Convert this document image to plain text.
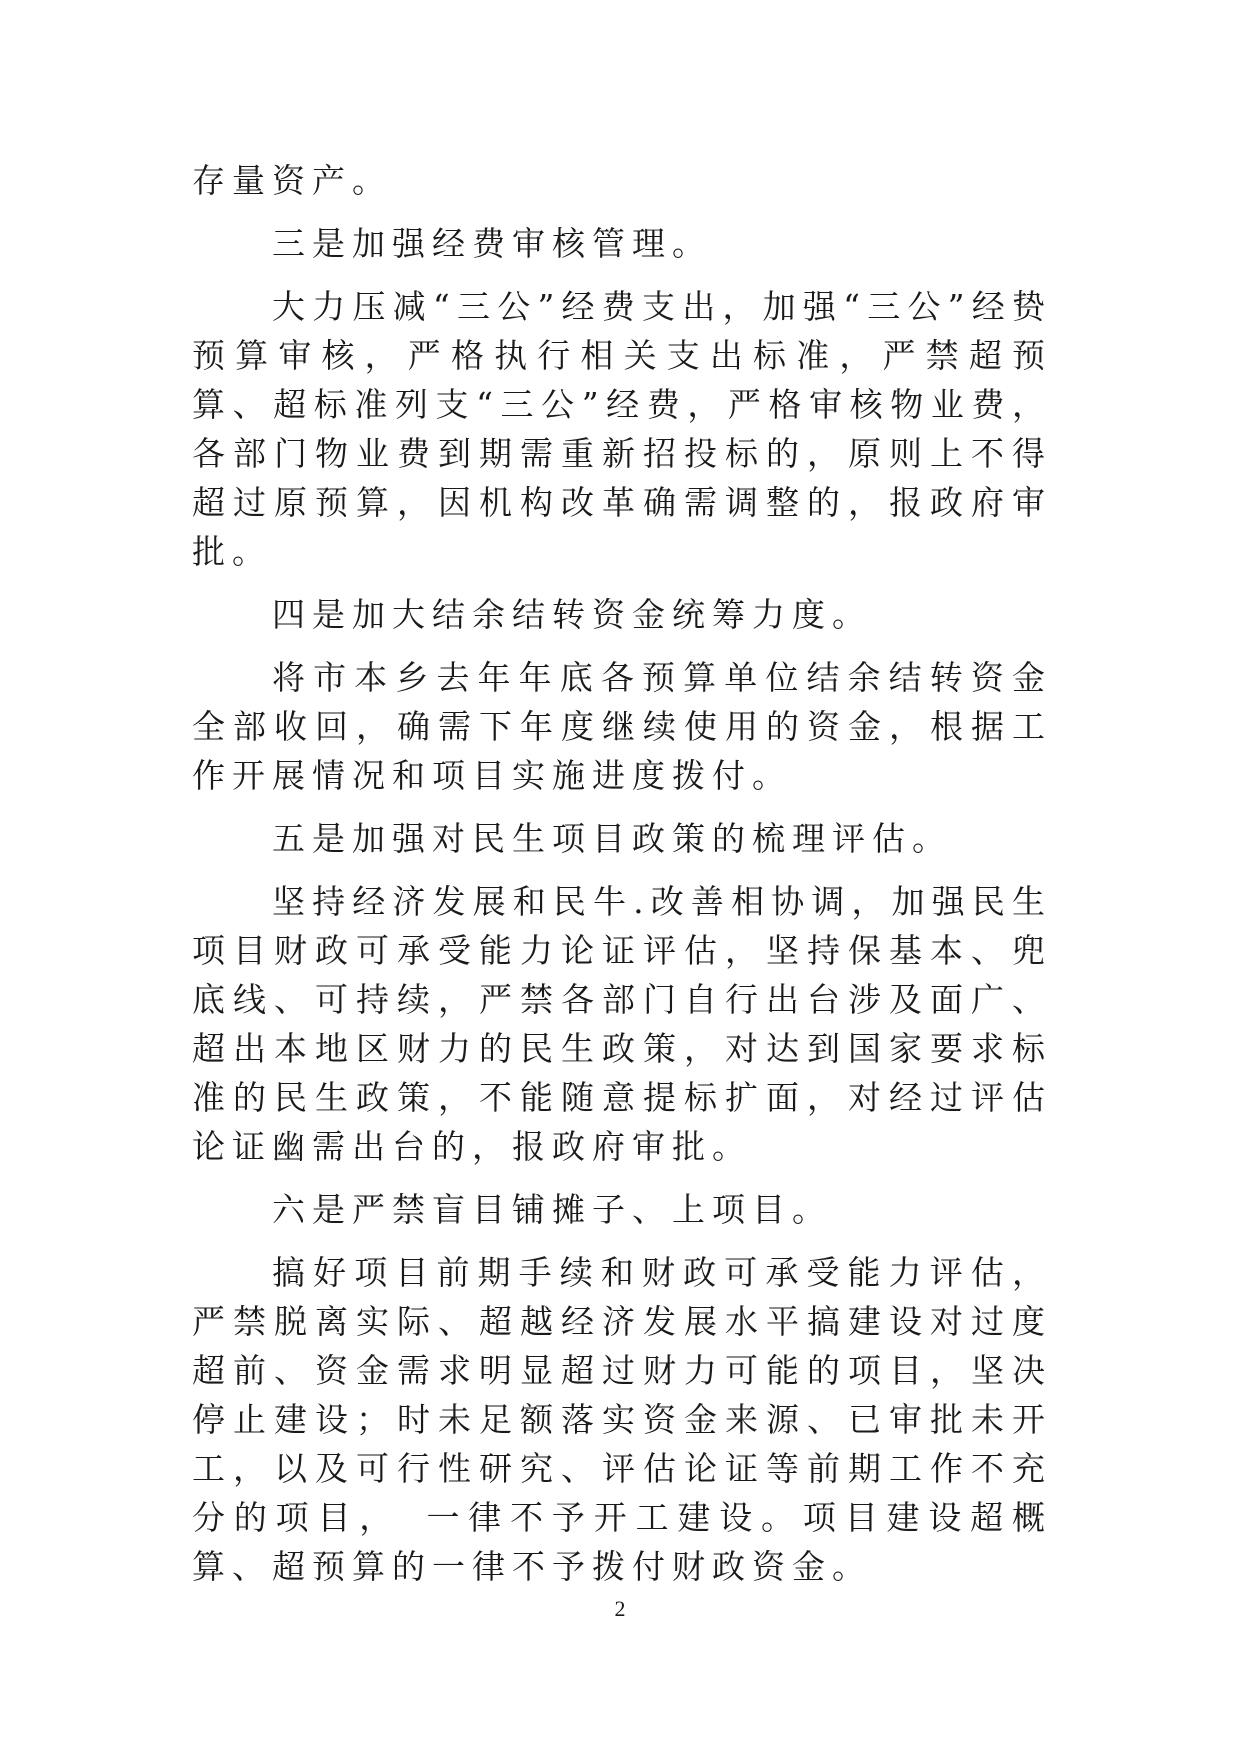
存量资产。

三是加强经费审核管理。

大力压减“三公”经费支出，加强“三公”经贽预算审核，严格执行相关支出标准，严禁超预算、超标准列支“三公”经费，严格审核物业费，各部门物业费到期需重新招投标的，原则上不得超过原预算，因机构改革确需调整的，报政府审批。

四是加大结余结转资金统筹力度。

将市本乡去年年底各预算单位结余结转资金全部收回，确需下年度继续使用的资金，根据工作开展情况和项目实施进度拨付。

五是加强对民生项目政策的梳理评估。

坚持经济发展和民牛.改善相协调，加强民生项目财政可承受能力论证评估，坚持保基本、兜底线、可持续，严禁各部门自行出台涉及面广、超出本地区财力的民生政策，对达到国家要求标准的民生政策，不能随意提标扩面，对经过评估论证幽需出台的，报政府审批。

六是严禁盲目铺摊子、上项目。

搞好项目前期手续和财政可承受能力评估，严禁脱离实际、超越经济发展水平搞建设对过度超前、资金需求明显超过财力可能的项目，坚决停止建设；时未足额落实资金来源、已审批未开工，以及可行性研究、评估论证等前期工作不充分的项目，　一律不予开工建设。项目建设超概算、超预算的一律不予拨付财政资金。

2
